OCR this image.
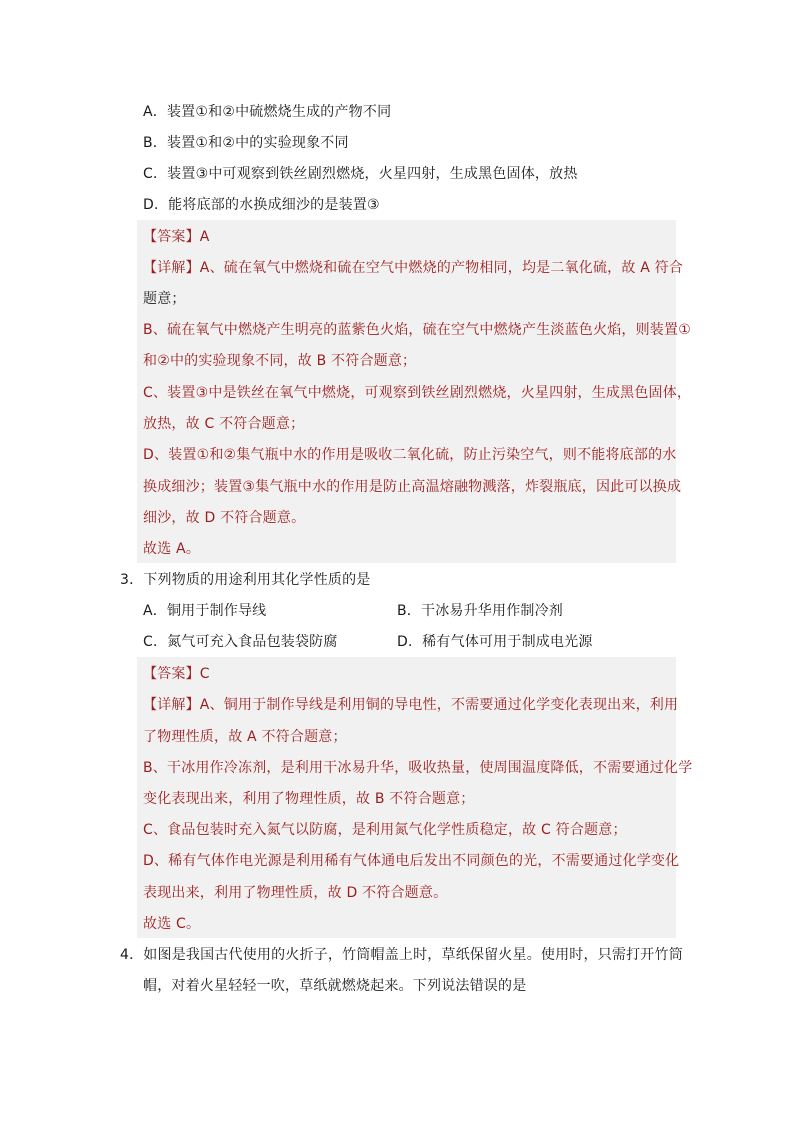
A．装置①和②中硫燃烧生成的产物不同
B．装置①和②中的实验现象不同
C．装置③中可观察到铁丝剧烈燃烧，火星四射，生成黑色固体，放热
D．能将底部的水换成细沙的是装置③
【答案】A
【详解】A、硫在氧气中燃烧和硫在空气中燃烧的产物相同，均是二氧化硫，故 A 符合
题意；
B、硫在氧气中燃烧产生明亮的蓝紫色火焰，硫在空气中燃烧产生淡蓝色火焰，则装置①
和②中的实验现象不同，故 B 不符合题意；
C、装置③中是铁丝在氧气中燃烧，可观察到铁丝剧烈燃烧，火星四射，生成黑色固体，
放热，故 C 不符合题意；
D、装置①和②集气瓶中水的作用是吸收二氧化硫，防止污染空气，则不能将底部的水
换成细沙；装置③集气瓶中水的作用是防止高温熔融物溅落，炸裂瓶底，因此可以换成
细沙，故 D 不符合题意。
故选 A。
3．下列物质的用途利用其化学性质的是
A．铜用于制作导线	B．干冰易升华用作制冷剂
C．氮气可充入食品包装袋防腐	D．稀有气体可用于制成电光源
【答案】C
【详解】A、铜用于制作导线是利用铜的导电性，不需要通过化学变化表现出来，利用
了物理性质，故 A 不符合题意；
B、干冰用作冷冻剂，是利用干冰易升华，吸收热量，使周围温度降低，不需要通过化学
变化表现出来，利用了物理性质，故 B 不符合题意；
C、食品包装时充入氮气以防腐，是利用氮气化学性质稳定，故 C 符合题意；
D、稀有气体作电光源是利用稀有气体通电后发出不同颜色的光，不需要通过化学变化
表现出来，利用了物理性质，故 D 不符合题意。
故选 C。
4．如图是我国古代使用的火折子，竹筒帽盖上时，草纸保留火星。使用时，只需打开竹筒
帽，对着火星轻轻一吹，草纸就燃烧起来。下列说法错误的是
